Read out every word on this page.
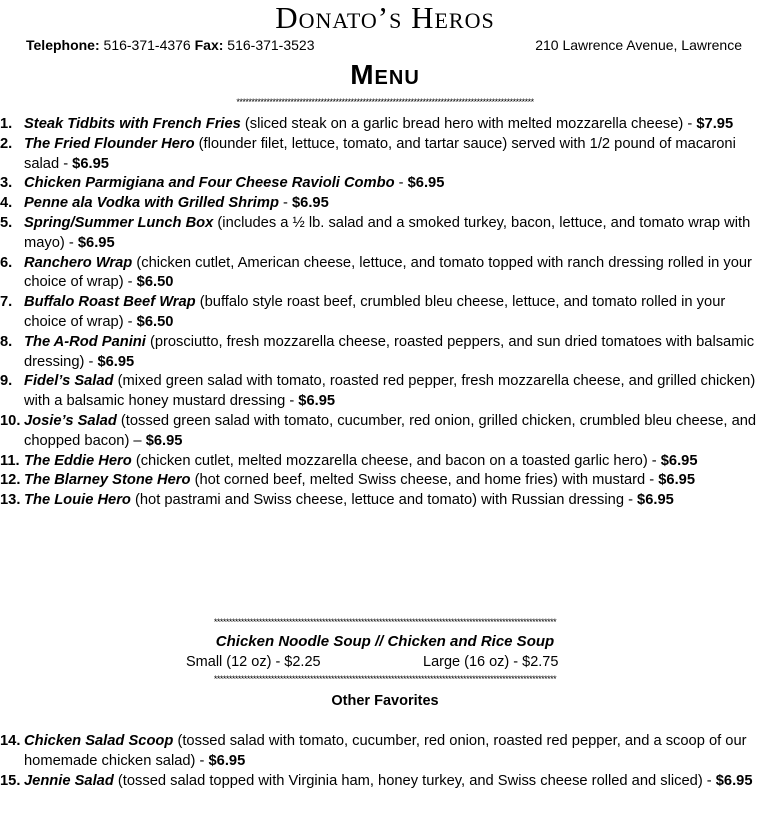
Donato’s Heros
Telephone: 516-371-4376 Fax: 516-371-3523	210 Lawrence Avenue, Lawrence
Menu
***************************************************************************************************
1. Steak Tidbits with French Fries (sliced steak on a garlic bread hero with melted mozzarella cheese) - $7.95
2. The Fried Flounder Hero (flounder filet, lettuce, tomato, and tartar sauce) served with 1/2 pound of macaroni salad - $6.95
3. Chicken Parmigiana and Four Cheese Ravioli Combo - $6.95
4. Penne ala Vodka with Grilled Shrimp - $6.95
5. Spring/Summer Lunch Box (includes a ½ lb. salad and a smoked turkey, bacon, lettuce, and tomato wrap with mayo) - $6.95
6. Ranchero Wrap (chicken cutlet, American cheese, lettuce, and tomato topped with ranch dressing rolled in your choice of wrap) - $6.50
7. Buffalo Roast Beef Wrap (buffalo style roast beef, crumbled bleu cheese, lettuce, and tomato rolled in your choice of wrap) - $6.50
8. The A-Rod Panini (prosciutto, fresh mozzarella cheese, roasted peppers, and sun dried tomatoes with balsamic dressing) - $6.95
9. Fidel’s Salad (mixed green salad with tomato, roasted red pepper, fresh mozzarella cheese, and grilled chicken) with a balsamic honey mustard dressing - $6.95
10. Josie’s Salad (tossed green salad with tomato, cucumber, red onion, grilled chicken, crumbled bleu cheese, and chopped bacon) – $6.95
11. The Eddie Hero (chicken cutlet, melted mozzarella cheese, and bacon on a toasted garlic hero) - $6.95
12. The Blarney Stone Hero (hot corned beef, melted Swiss cheese, and home fries) with mustard - $6.95
13. The Louie Hero (hot pastrami and Swiss cheese, lettuce and tomato) with Russian dressing - $6.95
******************************************************************************************************************
Chicken Noodle Soup // Chicken and Rice Soup
Small (12 oz) - $2.25	Large (16 oz) - $2.75
******************************************************************************************************************
Other Favorites
14. Chicken Salad Scoop (tossed salad with tomato, cucumber, red onion, roasted red pepper, and a scoop of our homemade chicken salad) - $6.95
15. Jennie Salad (tossed salad topped with Virginia ham, honey turkey, and Swiss cheese rolled and sliced) - $6.95
